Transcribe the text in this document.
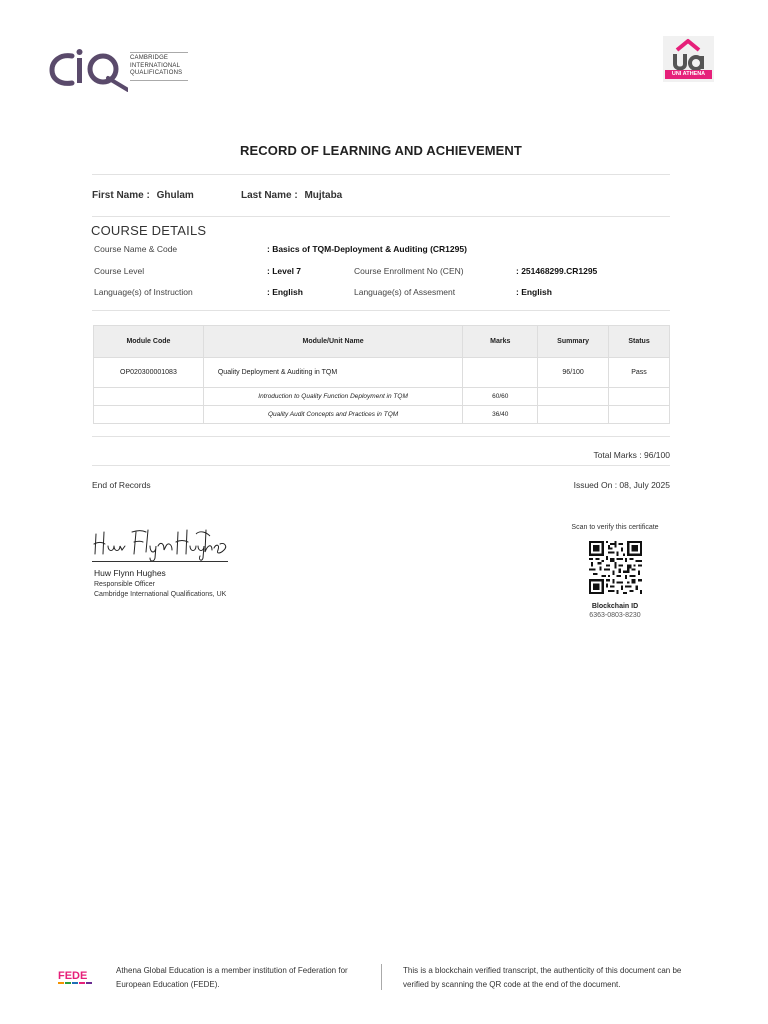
CAMBRIDGE
INTERNATIONAL
QUALIFICATIONS	UNI ATHENA
RECORD OF LEARNING AND ACHIEVEMENT
First Name : Ghulam	Last Name : Mujtaba
COURSE DETAILS
Course Name & Code	: Basics of TQM-Deployment & Auditing (CR1295)
Course Level	: Level 7	Course Enrollment No (CEN)	: 251468299.CR1295
Language(s) of Instruction	: English	Language(s) of Assesment	: English
Module Code	Module/Unit Name	Marks	Summary	Status
OP020300001083	Quality Deployment & Auditing in TQM		96/100	Pass
	Introduction to Quality Function Deployment in TQM	60/60		
	Quality Audit Concepts and Practices in TQM	36/40		
Total Marks : 96/100
End of Records	Issued On : 08, July 2025
Huw Flynn Hughes
Responsible Officer
Cambridge International Qualifications, UK
Scan to verify this certificate
Blockchain ID
6363-0803-8230
FEDE	Athena Global Education is a member institution of Federation for European Education (FEDE).
This is a blockchain verified transcript, the authenticity of this document can be verified by scanning the QR code at the end of the document.
